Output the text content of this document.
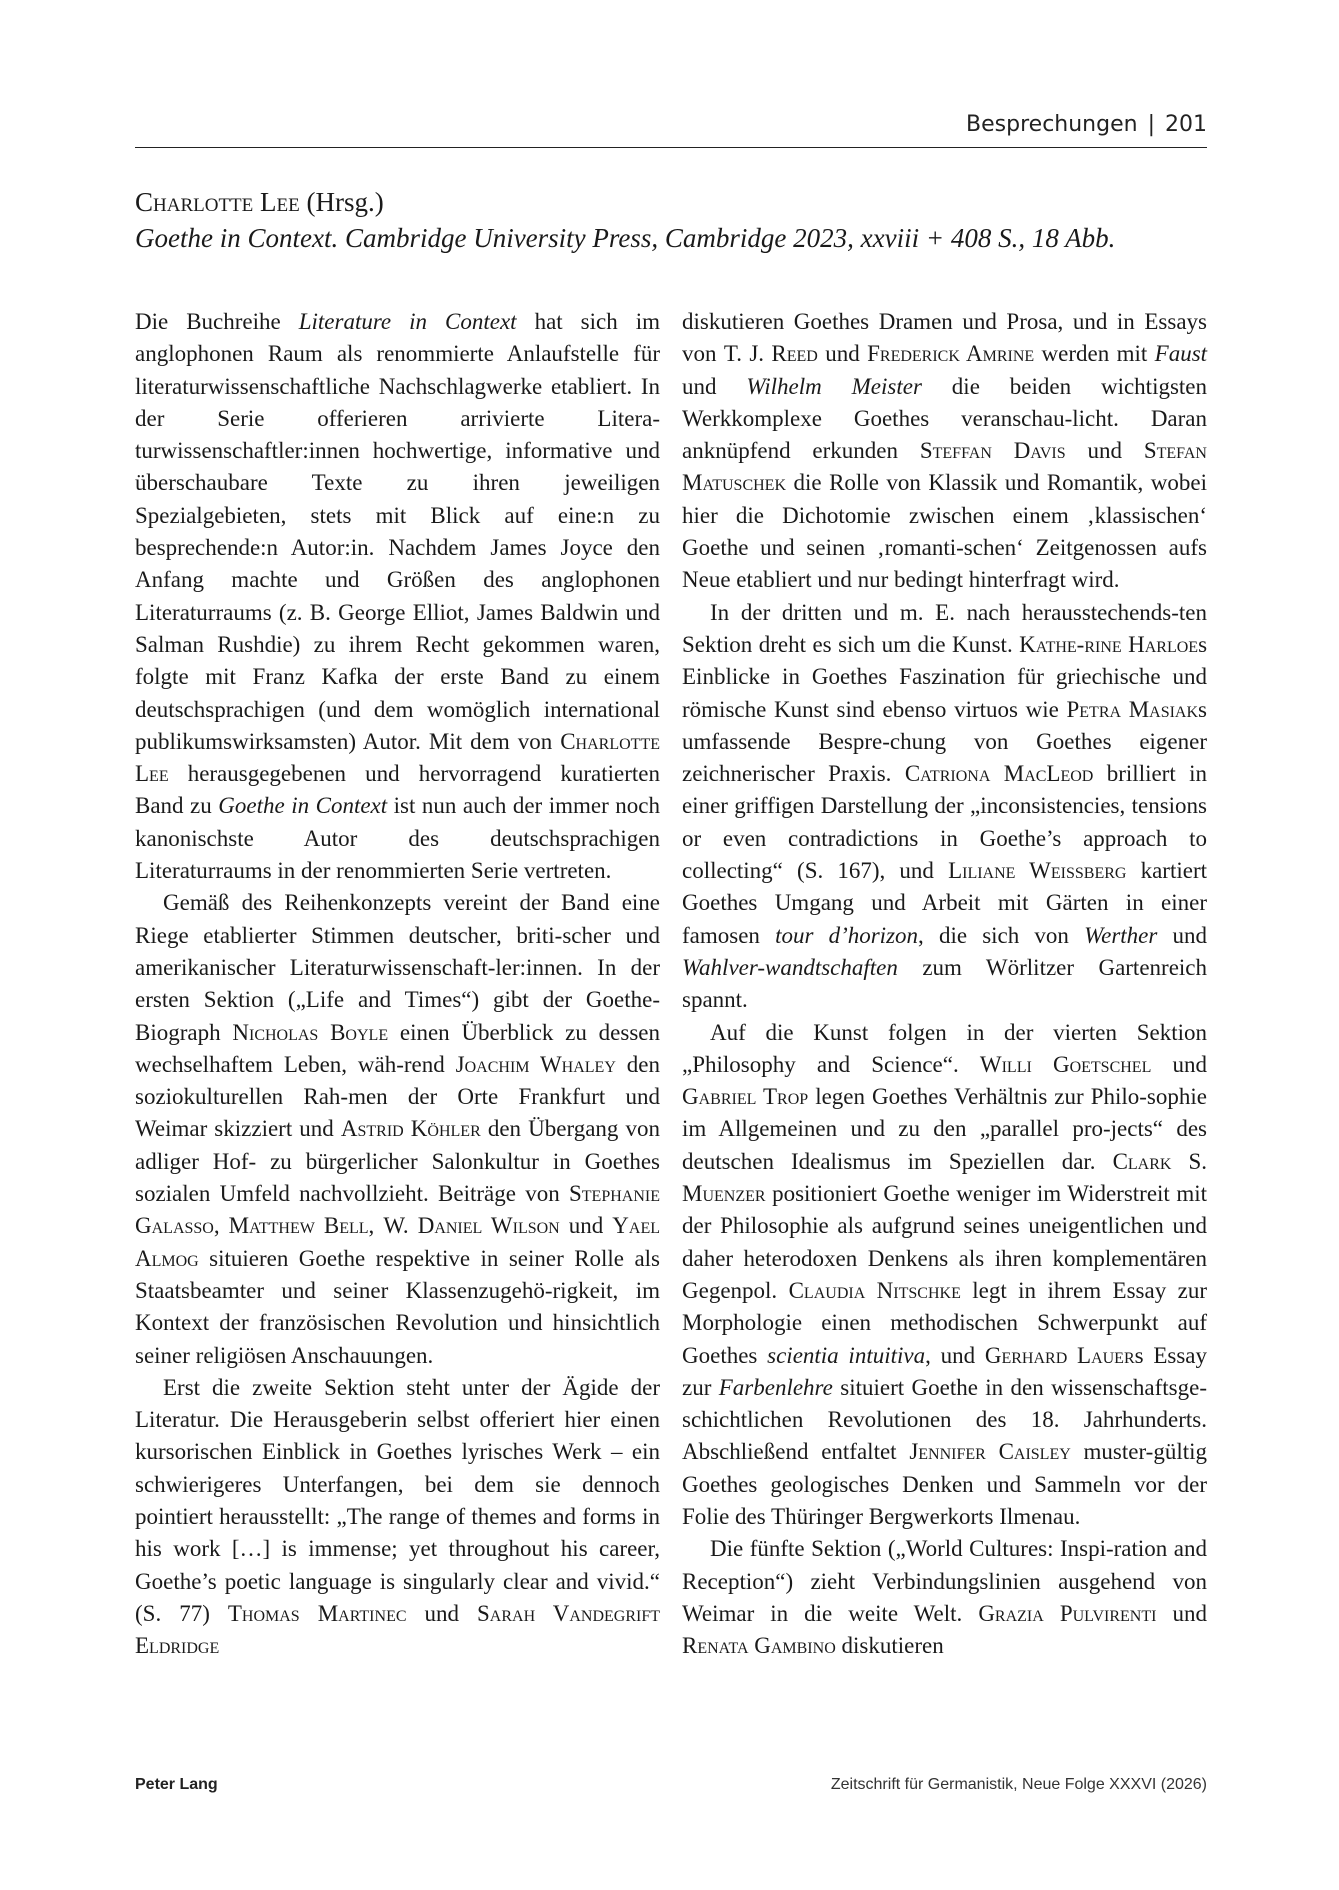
Besprechungen | 201
Charlotte Lee (Hrsg.)
Goethe in Context. Cambridge University Press, Cambridge 2023, xxviii + 408 S., 18 Abb.

Die Buchreihe Literature in Context hat sich im anglophonen Raum als renommierte Anlaufstelle für literaturwissenschaftliche Nachschlagwerke etabliert. In der Serie offerieren arrivierte Litera-turwissenschaftler:innen hochwertige, informative und überschaubare Texte zu ihren jeweiligen Spezialgebieten, stets mit Blick auf eine:n zu besprechende:n Autor:in. Nachdem James Joyce den Anfang machte und Größen des anglophonen Literaturraums (z. B. George Elliot, James Baldwin und Salman Rushdie) zu ihrem Recht gekommen waren, folgte mit Franz Kafka der erste Band zu einem deutschsprachigen (und dem womöglich international publikumswirksamsten) Autor. Mit dem von Charlotte Lee herausgegebenen und hervorragend kuratierten Band zu Goethe in Context ist nun auch der immer noch kanonischste Autor des deutschsprachigen Literaturraums in der renommierten Serie vertreten.

Gemäß des Reihenkonzepts vereint der Band eine Riege etablierter Stimmen deutscher, briti-scher und amerikanischer Literaturwissenschaft-ler:innen. In der ersten Sektion („Life and Times“) gibt der Goethe-Biograph Nicholas Boyle einen Überblick zu dessen wechselhaftem Leben, wäh-rend Joachim Whaley den soziokulturellen Rah-men der Orte Frankfurt und Weimar skizziert und Astrid Köhler den Übergang von adliger Hof- zu bürgerlicher Salonkultur in Goethes sozialen Umfeld nachvollzieht. Beiträge von Stephanie Galasso, Matthew Bell, W. Daniel Wilson und Yael Almog situieren Goethe respektive in seiner Rolle als Staatsbeamter und seiner Klassenzugehö-rigkeit, im Kontext der französischen Revolution und hinsichtlich seiner religiösen Anschauungen.

Erst die zweite Sektion steht unter der Ägide der Literatur. Die Herausgeberin selbst offeriert hier einen kursorischen Einblick in Goethes lyrisches Werk – ein schwierigeres Unterfangen, bei dem sie dennoch pointiert herausstellt: „The range of themes and forms in his work […] is immense; yet throughout his career, Goethe’s poetic language is singularly clear and vivid.“ (S. 77) Thomas Martinec und Sarah Vandegrift Eldridge

diskutieren Goethes Dramen und Prosa, und in Essays von T. J. Reed und Frederick Amrine werden mit Faust und Wilhelm Meister die beiden wichtigsten Werkkomplexe Goethes veranschau-licht. Daran anknüpfend erkunden Steffan Davis und Stefan Matuschek die Rolle von Klassik und Romantik, wobei hier die Dichotomie zwischen einem ‚klassischen‘ Goethe und seinen ‚romanti-schen‘ Zeitgenossen aufs Neue etabliert und nur bedingt hinterfragt wird.

In der dritten und m. E. nach herausstechends-ten Sektion dreht es sich um die Kunst. Kathe-rine Harloes Einblicke in Goethes Faszination für griechische und römische Kunst sind ebenso virtuos wie Petra Masiaks umfassende Bespre-chung von Goethes eigener zeichnerischer Praxis. Catriona MacLeod brilliert in einer griffigen Darstellung der „inconsistencies, tensions or even contradictions in Goethe’s approach to collecting“ (S. 167), und Liliane Weissberg kartiert Goethes Umgang und Arbeit mit Gärten in einer famosen tour d’horizon, die sich von Werther und Wahlver-wandtschaften zum Wörlitzer Gartenreich spannt.

Auf die Kunst folgen in der vierten Sektion „Philosophy and Science“. Willi Goetschel und Gabriel Trop legen Goethes Verhältnis zur Philo-sophie im Allgemeinen und zu den „parallel pro-jects“ des deutschen Idealismus im Speziellen dar. Clark S. Muenzer positioniert Goethe weniger im Widerstreit mit der Philosophie als aufgrund seines uneigentlichen und daher heterodoxen Denkens als ihren komplementären Gegenpol. Claudia Nitschke legt in ihrem Essay zur Morphologie einen methodischen Schwerpunkt auf Goethes scientia intuitiva, und Gerhard Lauers Essay zur Farbenlehre situiert Goethe in den wissenschaftsge-schichtlichen Revolutionen des 18. Jahrhunderts. Abschließend entfaltet Jennifer Caisley muster-gültig Goethes geologisches Denken und Sammeln vor der Folie des Thüringer Bergwerkorts Ilmenau.

Die fünfte Sektion („World Cultures: Inspi-ration and Reception“) zieht Verbindungslinien ausgehend von Weimar in die weite Welt. Grazia Pulvirenti und Renata Gambino diskutieren

Peter Lang	Zeitschrift für Germanistik, Neue Folge XXXVI (2026)
